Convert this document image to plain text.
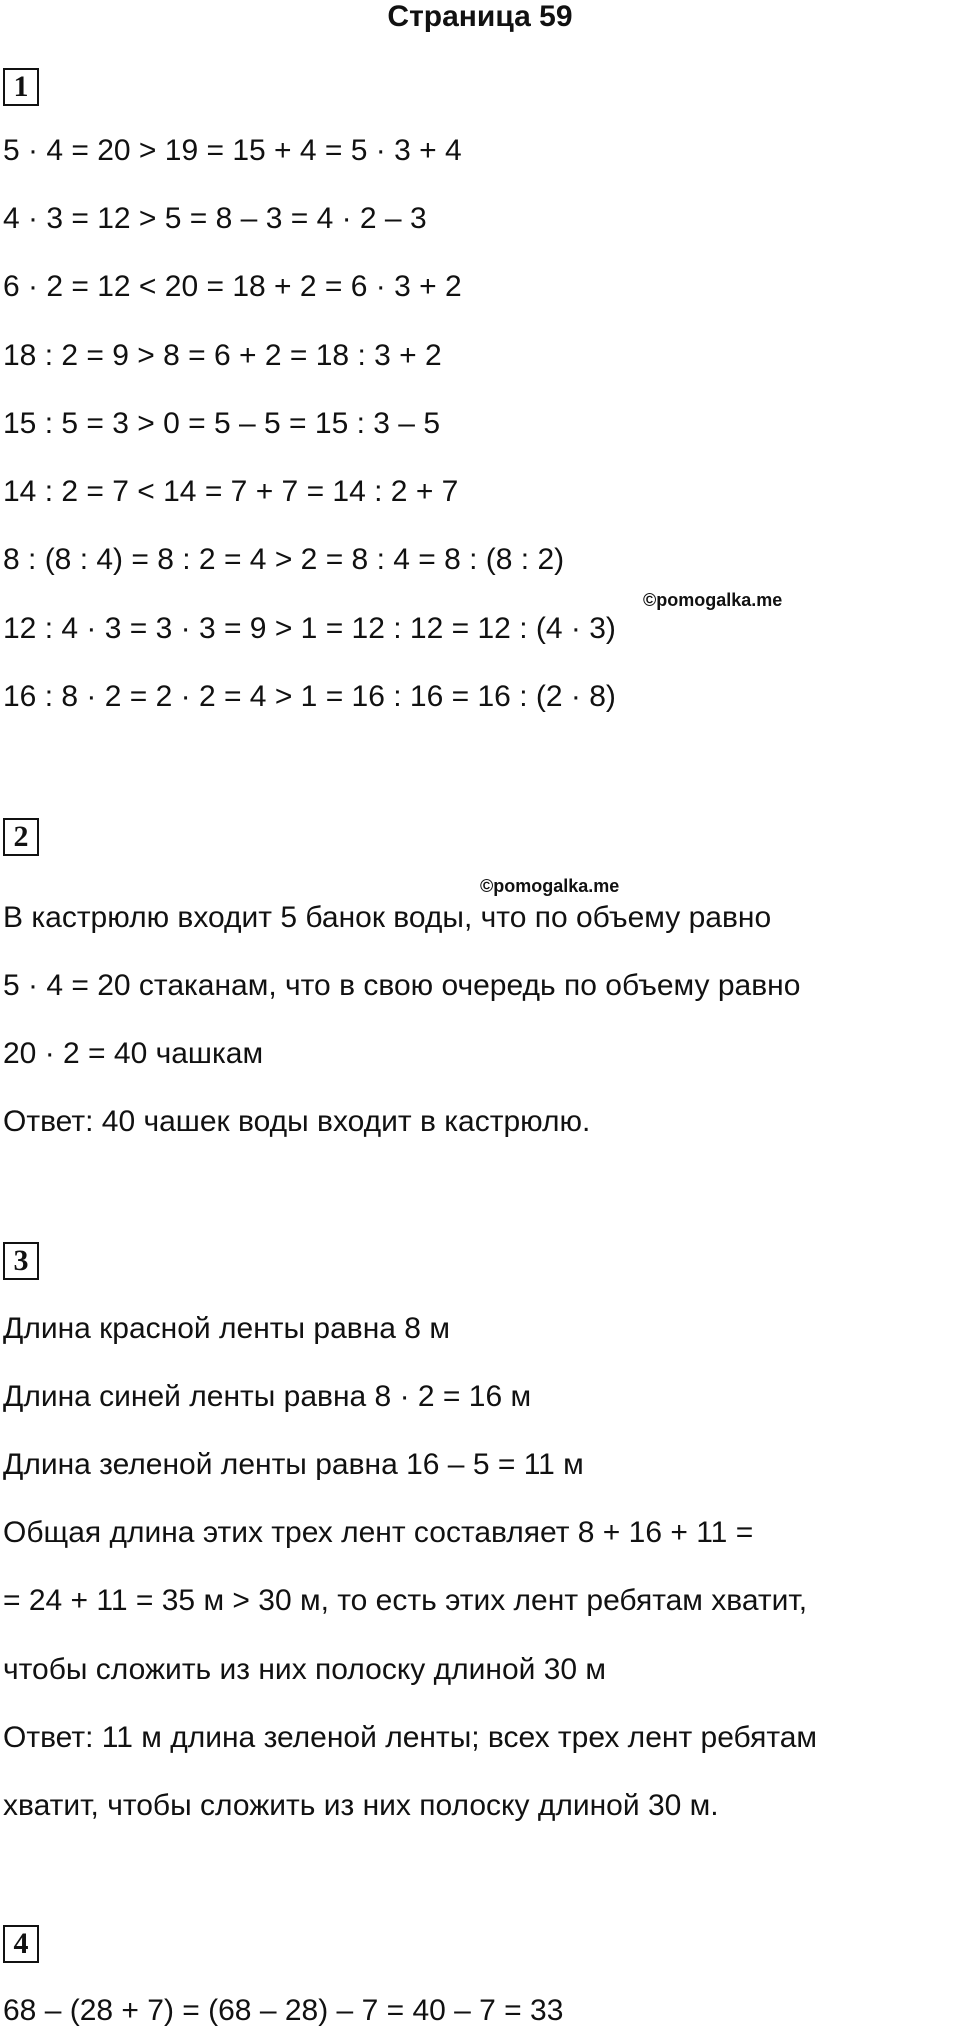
Страница 59
1
5 · 4 = 20 > 19 = 15 + 4 = 5 · 3 + 4
4 · 3 = 12 > 5 = 8 – 3 = 4 · 2 – 3
6 · 2 = 12 < 20 = 18 + 2 = 6 · 3 + 2
18 : 2 = 9 > 8 = 6 + 2 = 18 : 3 + 2
15 : 5 = 3 > 0 = 5 – 5 = 15 : 3 – 5
14 : 2 = 7 < 14 = 7 + 7 = 14 : 2 + 7
8 : (8 : 4) = 8 : 2 = 4 > 2 = 8 : 4 = 8 : (8 : 2)
©pomogalka.me
12 : 4 · 3 = 3 · 3 = 9 > 1 = 12 : 12 = 12 : (4 · 3)
16 : 8 · 2 = 2 · 2 = 4 > 1 = 16 : 16 = 16 : (2 · 8)
2
©pomogalka.me
В кастрюлю входит 5 банок воды, что по объему равно
5 · 4 = 20 стаканам, что в свою очередь по объему равно
20 · 2 = 40 чашкам
Ответ: 40 чашек воды входит в кастрюлю.
3
Длина красной ленты равна 8 м
Длина синей ленты равна 8 · 2 = 16 м
Длина зеленой ленты равна 16 – 5 = 11 м
Общая длина этих трех лент составляет 8 + 16 + 11 =
= 24 + 11 = 35 м > 30 м, то есть этих лент ребятам хватит,
чтобы сложить из них полоску длиной 30 м
Ответ: 11 м длина зеленой ленты; всех трех лент ребятам
хватит, чтобы сложить из них полоску длиной 30 м.
4
68 – (28 + 7) = (68 – 28) – 7 = 40 – 7 = 33
